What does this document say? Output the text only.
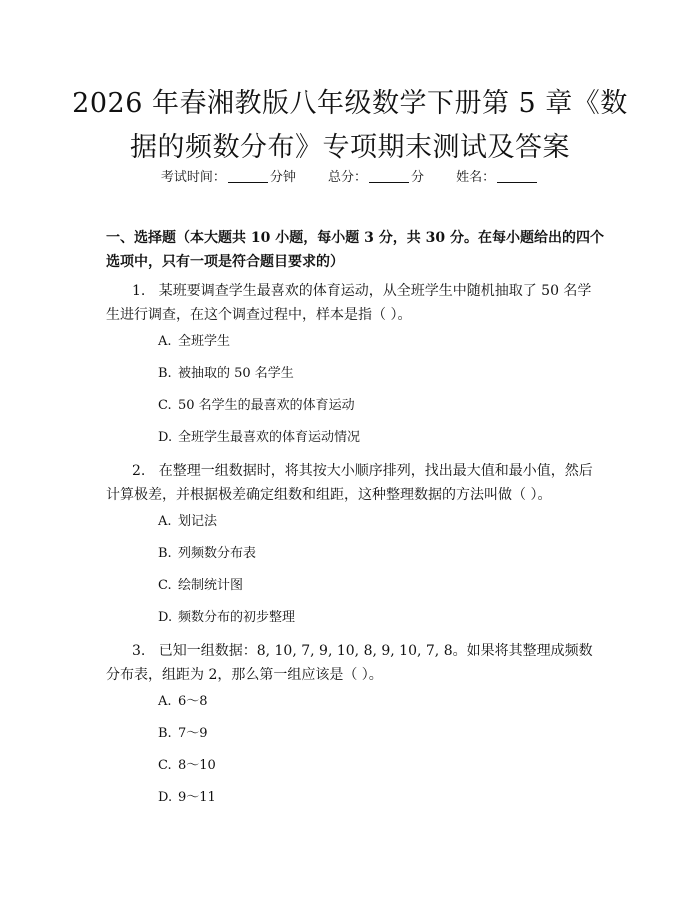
2026 年春湘教版八年级数学下册第 5 章《数
据的频数分布》专项期末测试及答案
考试时间：	分钟 总分：	分 姓名：
一、选择题（本大题共 10 小题，每小题 3 分，共 30 分。在每小题给出的四个选项中，只有一项是符合题目要求的）
1. 某班要调查学生最喜欢的体育运动，从全班学生中随机抽取了 50 名学生进行调查，在这个调查过程中，样本是指（ ）。
A. 全班学生
B. 被抽取的 50 名学生
C. 50 名学生的最喜欢的体育运动
D. 全班学生最喜欢的体育运动情况
2. 在整理一组数据时，将其按大小顺序排列，找出最大值和最小值，然后计算极差，并根据极差确定组数和组距，这种整理数据的方法叫做（ ）。
A. 划记法
B. 列频数分布表
C. 绘制统计图
D. 频数分布的初步整理
3. 已知一组数据：8, 10, 7, 9, 10, 8, 9, 10, 7, 8。如果将其整理成频数分布表，组距为 2，那么第一组应该是（ ）。
A. 6～8
B. 7～9
C. 8～10
D. 9～11
